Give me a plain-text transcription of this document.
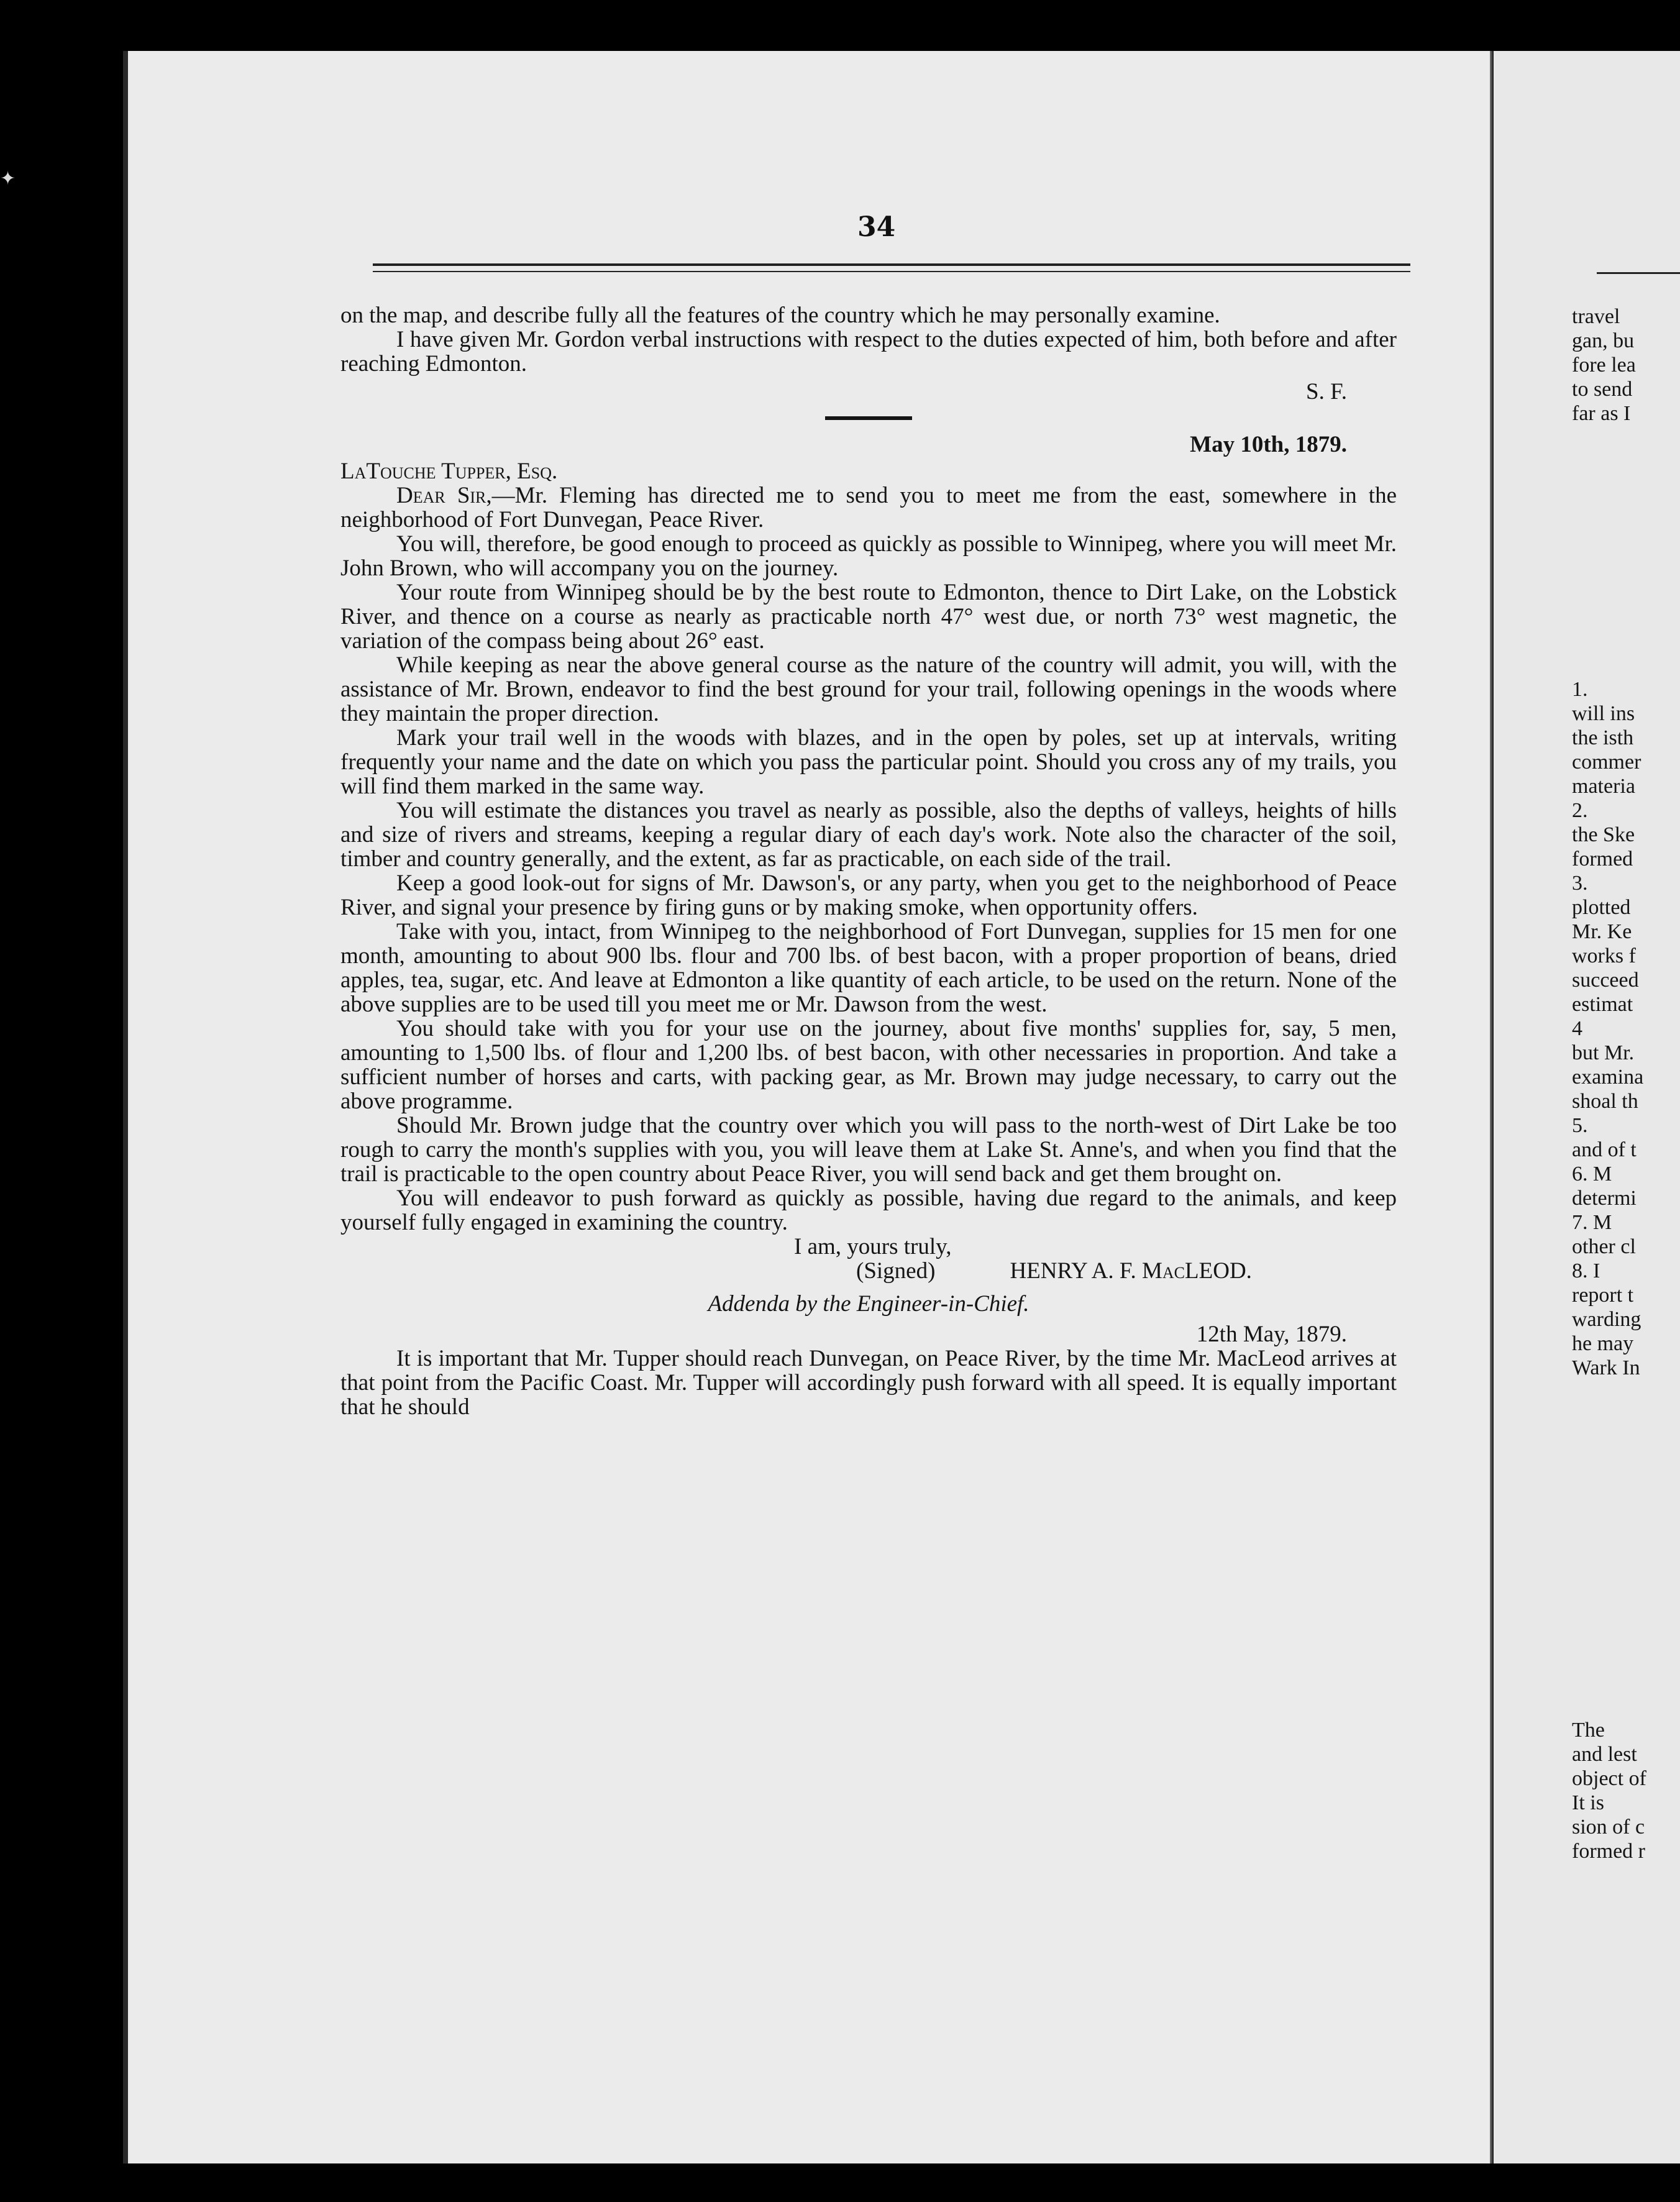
✦
34

on the map, and describe fully all the features of the country which he may personally examine.

I have given Mr. Gordon verbal instructions with respect to the duties expected of him, both before and after reaching Edmonton.

S. F.
May 10th, 1879.
LaTouche Tupper, Esq.

Dear Sir,—Mr. Fleming has directed me to send you to meet me from the east, somewhere in the neighborhood of Fort Dunvegan, Peace River.

You will, therefore, be good enough to proceed as quickly as possible to Winnipeg, where you will meet Mr. John Brown, who will accompany you on the journey.

Your route from Winnipeg should be by the best route to Edmonton, thence to Dirt Lake, on the Lobstick River, and thence on a course as nearly as practicable north 47° west due, or north 73° west magnetic, the variation of the compass being about 26° east.

While keeping as near the above general course as the nature of the country will admit, you will, with the assistance of Mr. Brown, endeavor to find the best ground for your trail, following openings in the woods where they maintain the proper direction.

Mark your trail well in the woods with blazes, and in the open by poles, set up at intervals, writing frequently your name and the date on which you pass the particular point. Should you cross any of my trails, you will find them marked in the same way.

You will estimate the distances you travel as nearly as possible, also the depths of valleys, heights of hills and size of rivers and streams, keeping a regular diary of each day's work. Note also the character of the soil, timber and country generally, and the extent, as far as practicable, on each side of the trail.

Keep a good look-out for signs of Mr. Dawson's, or any party, when you get to the neighborhood of Peace River, and signal your presence by firing guns or by making smoke, when opportunity offers.

Take with you, intact, from Winnipeg to the neighborhood of Fort Dunvegan, supplies for 15 men for one month, amounting to about 900 lbs. flour and 700 lbs. of best bacon, with a proper proportion of beans, dried apples, tea, sugar, etc. And leave at Edmonton a like quantity of each article, to be used on the return. None of the above supplies are to be used till you meet me or Mr. Dawson from the west.

You should take with you for your use on the journey, about five months' supplies for, say, 5 men, amounting to 1,500 lbs. of flour and 1,200 lbs. of best bacon, with other necessaries in proportion. And take a sufficient number of horses and carts, with packing gear, as Mr. Brown may judge necessary, to carry out the above programme.

Should Mr. Brown judge that the country over which you will pass to the north-west of Dirt Lake be too rough to carry the month's supplies with you, you will leave them at Lake St. Anne's, and when you find that the trail is practicable to the open country about Peace River, you will send back and get them brought on.

You will endeavor to push forward as quickly as possible, having due regard to the animals, and keep yourself fully engaged in examining the country.

I am, yours truly,

(Signed)	HENRY A. F. MacLEOD.

Addenda by the Engineer-in-Chief.
12th May, 1879.

It is important that Mr. Tupper should reach Dunvegan, on Peace River, by the time Mr. MacLeod arrives at that point from the Pacific Coast. Mr. Tupper will accordingly push forward with all speed. It is equally important that he should

travel
gan, bu
fore lea
to send
far as I
1.
will ins
the isth
commer
materia
2.
the Ske
formed
3.
plotted
Mr. Ke
works f
succeed
estimat
4
but Mr.
examina
shoal th
5.
and of t
6. M
determi
7. M
other cl
8. I
report t
warding
he may
Wark In
The
and lest
object of
It is
sion of c
formed r
